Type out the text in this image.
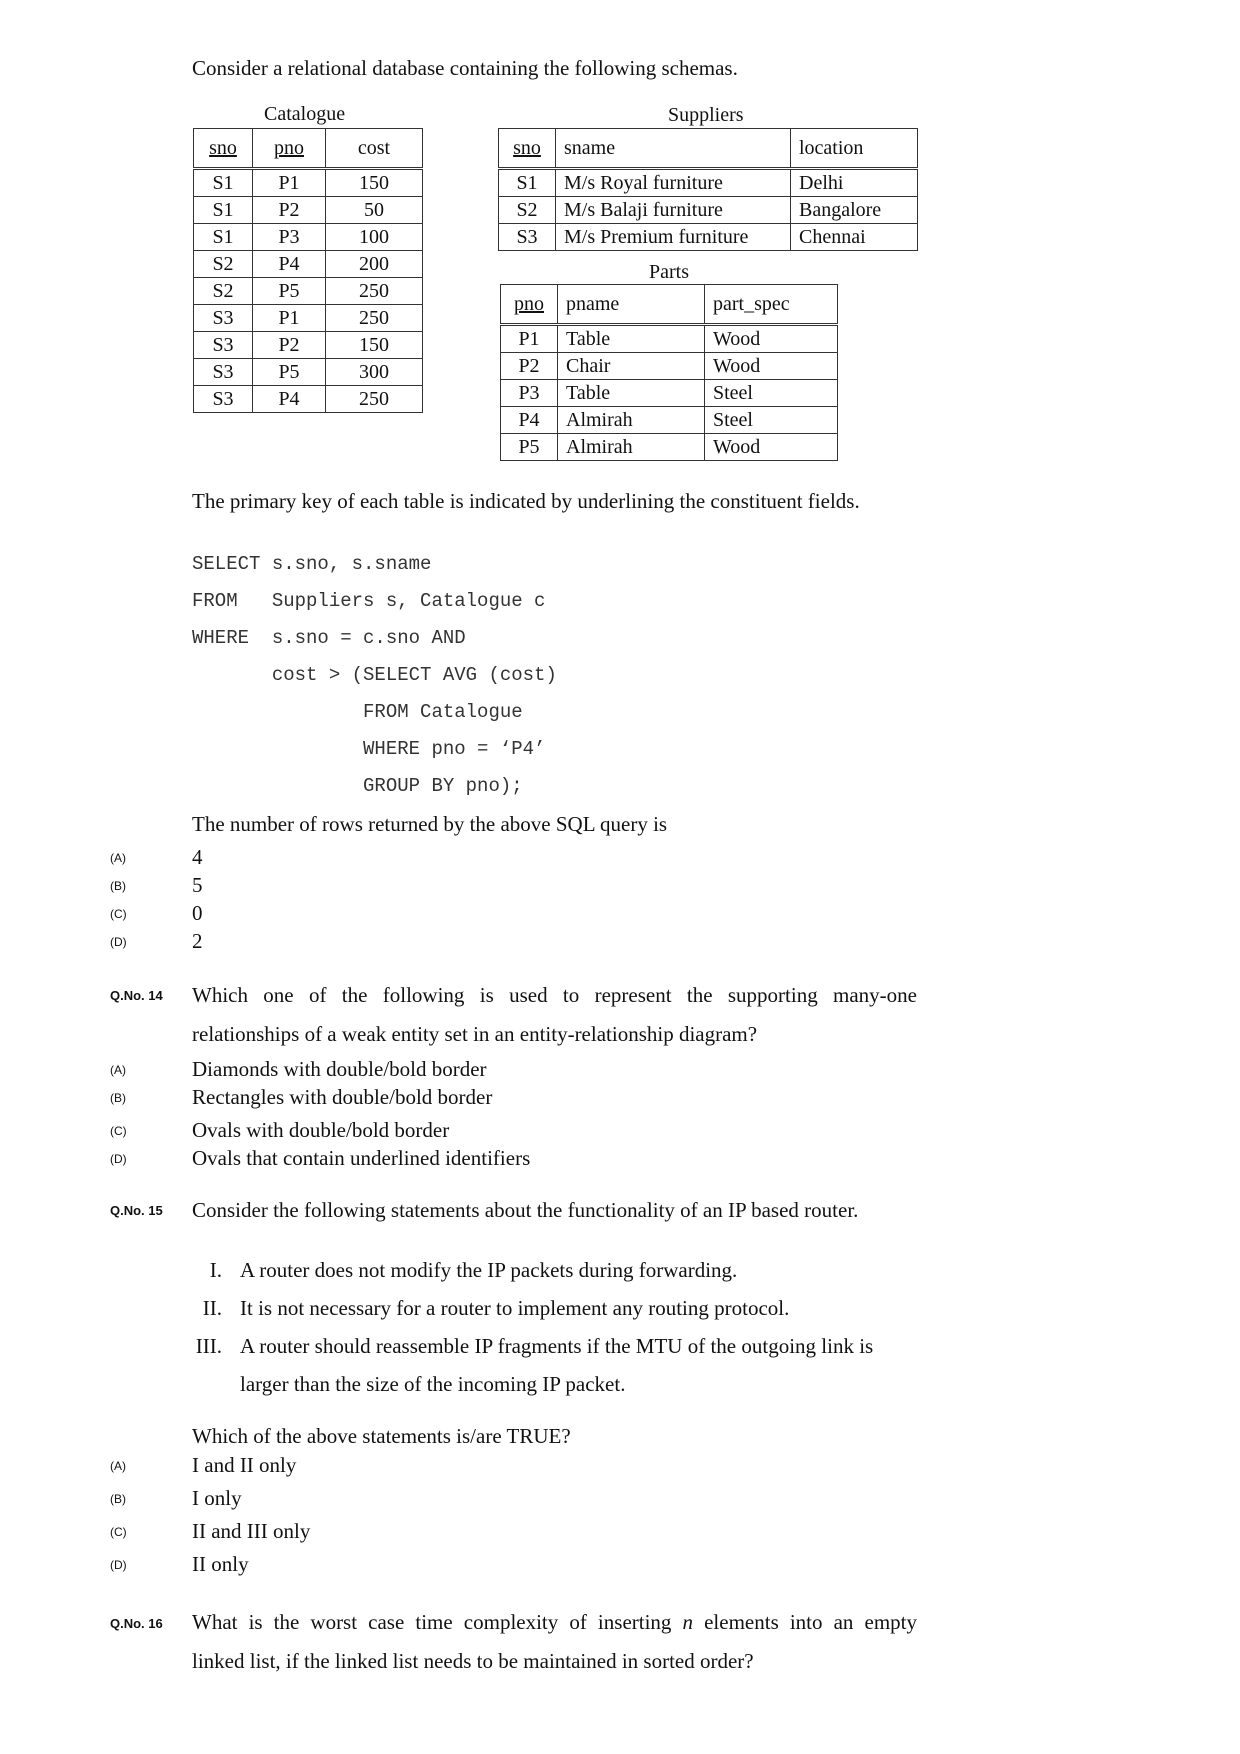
Consider a relational database containing the following schemas.
Catalogue
sno	pno	cost
S1	P1	150
S1	P2	50
S1	P3	100
S2	P4	200
S2	P5	250
S3	P1	250
S3	P2	150
S3	P5	300
S3	P4	250
Suppliers
sno	sname	location
S1	M/s Royal furniture	Delhi
S2	M/s Balaji furniture	Bangalore
S3	M/s Premium furniture	Chennai
Parts
pno	pname	part_spec
P1	Table	Wood
P2	Chair	Wood
P3	Table	Steel
P4	Almirah	Steel
P5	Almirah	Wood
The primary key of each table is indicated by underlining the constituent fields.
SELECT s.sno, s.sname
FROM   Suppliers s, Catalogue c
WHERE  s.sno = c.sno AND
cost > (SELECT AVG (cost)
FROM Catalogue
WHERE pno = ‘P4’
GROUP BY pno);
The number of rows returned by the above SQL query is
(A)	4
(B)	5
(C)	0
(D)	2
Q.No. 14 Which one of the following is used to represent the supporting many-one
relationships of a weak entity set in an entity-relationship diagram?
(A)	Diamonds with double/bold border
(B)	Rectangles with double/bold border
(C)	Ovals with double/bold border
(D)	Ovals that contain underlined identifiers
Q.No. 15 Consider the following statements about the functionality of an IP based router.
I. A router does not modify the IP packets during forwarding.
II. It is not necessary for a router to implement any routing protocol.
III. A router should reassemble IP fragments if the MTU of the outgoing link is
larger than the size of the incoming IP packet.
Which of the above statements is/are TRUE?
(A)	I and II only
(B)	I only
(C)	II and III only
(D)	II only
Q.No. 16 What is the worst case time complexity of inserting n elements into an empty
linked list, if the linked list needs to be maintained in sorted order?
